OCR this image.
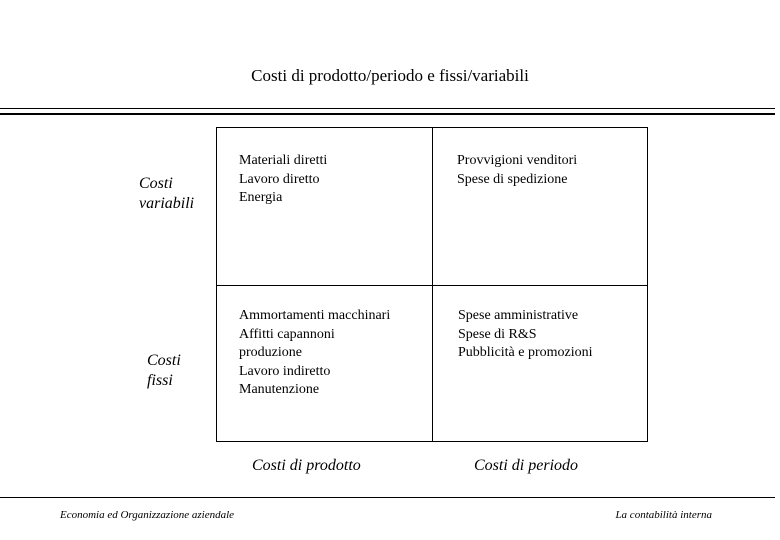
Costi di prodotto/periodo e fissi/variabili
Costi
variabili
Costi
fissi
Materiali diretti
Lavoro diretto
Energia
Provvigioni venditori
Spese di spedizione
Ammortamenti macchinari
Affitti capannoni
produzione
Lavoro indiretto
Manutenzione
Spese amministrative
Spese di R&S
Pubblicità e promozioni
Costi di prodotto	Costi di periodo
Economia ed Organizzazione aziendale	La contabilità interna
